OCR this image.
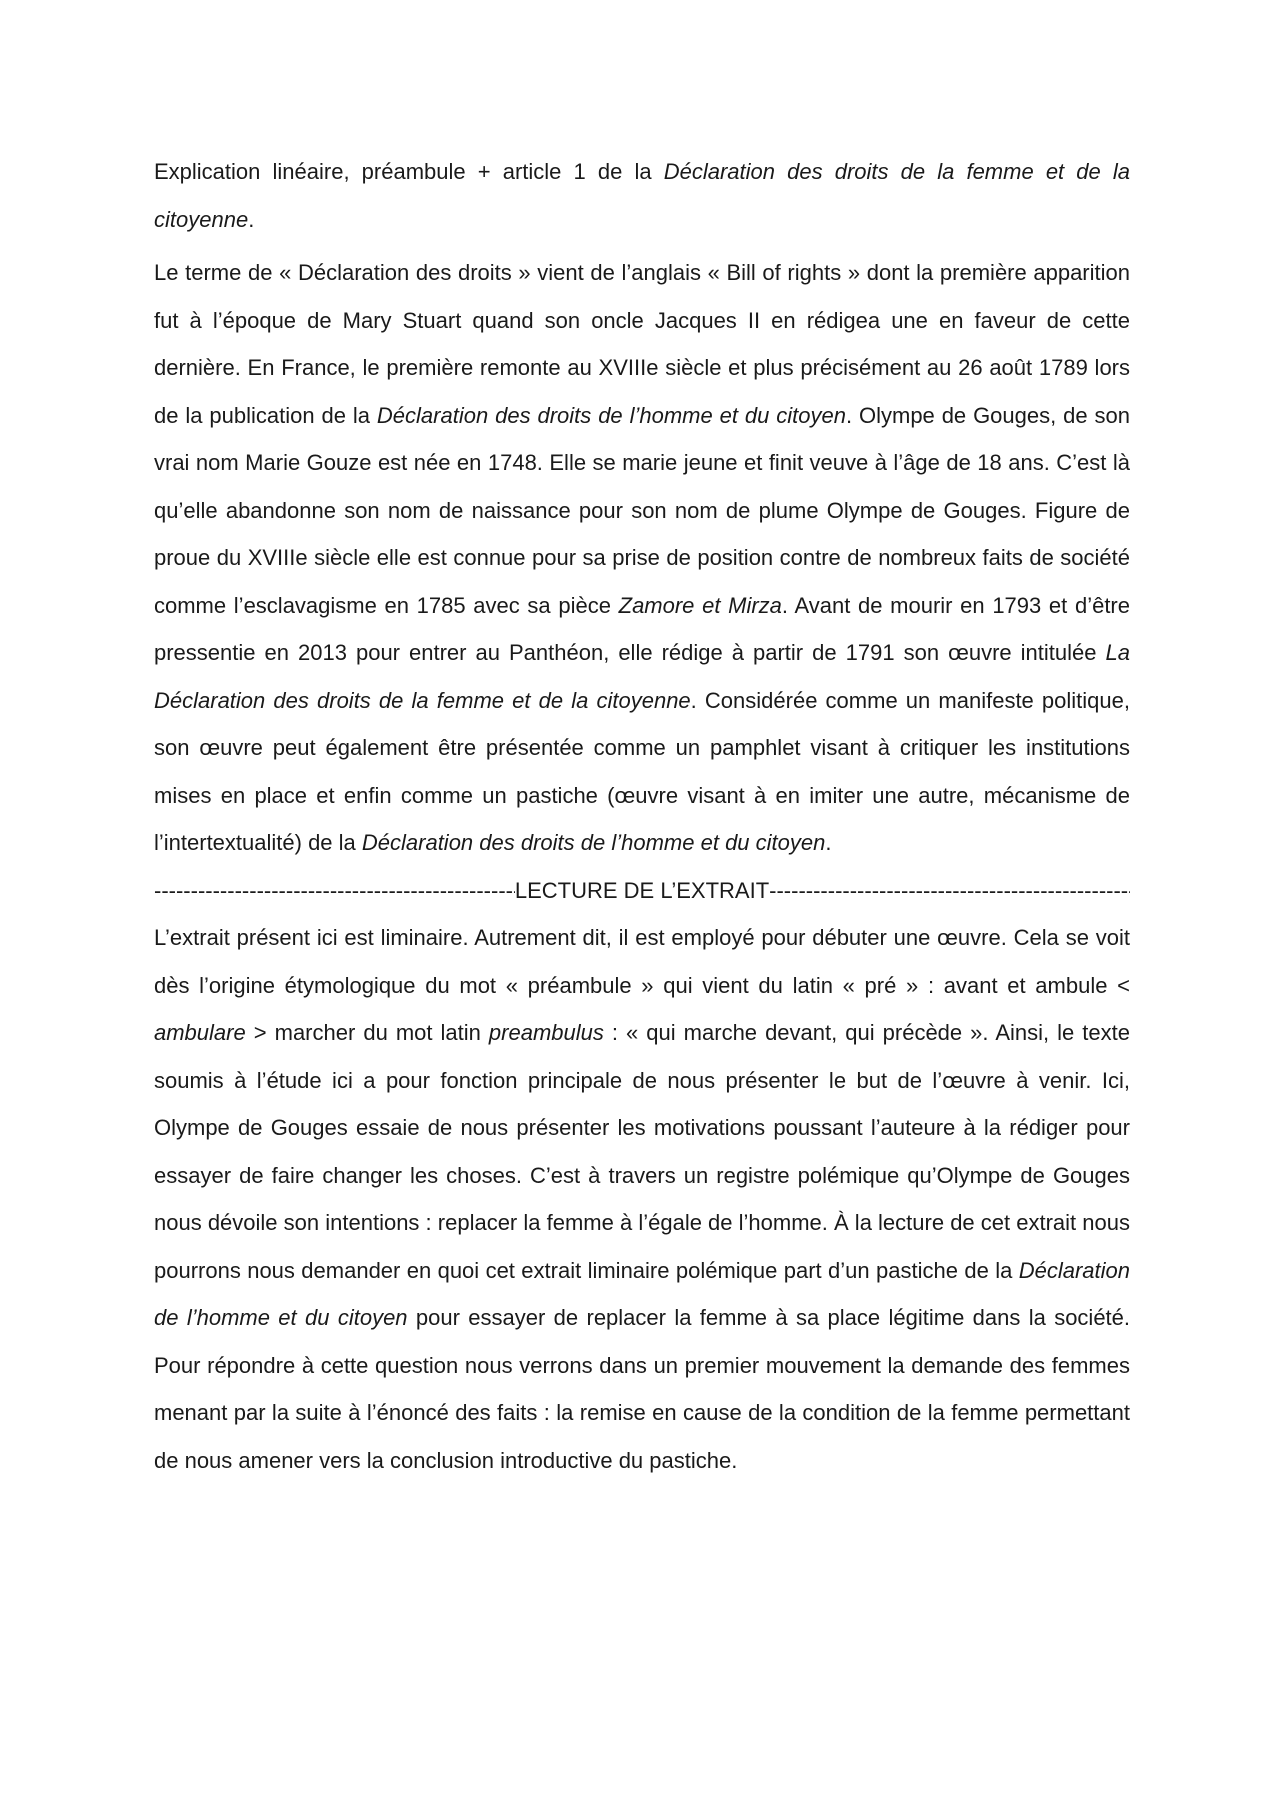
Explication linéaire, préambule + article 1 de la Déclaration des droits de la femme et de la citoyenne.

Le terme de « Déclaration des droits » vient de l’anglais « Bill of rights » dont la première apparition fut à l’époque de Mary Stuart quand son oncle Jacques II en rédigea une en faveur de cette dernière. En France, le première remonte au XVIIIe siècle et plus précisément au 26 août 1789 lors de la publication de la Déclaration des droits de l’homme et du citoyen. Olympe de Gouges, de son vrai nom Marie Gouze est née en 1748. Elle se marie jeune et finit veuve à l’âge de 18 ans. C’est là qu’elle abandonne son nom de naissance pour son nom de plume Olympe de Gouges. Figure de proue du XVIIIe siècle elle est connue pour sa prise de position contre de nombreux faits de société comme l’esclavagisme en 1785 avec sa pièce Zamore et Mirza. Avant de mourir en 1793 et d’être pressentie en 2013 pour entrer au Panthéon, elle rédige à partir de 1791 son œuvre intitulée La Déclaration des droits de la femme et de la citoyenne. Considérée comme un manifeste politique, son œuvre peut également être présentée comme un pamphlet visant à critiquer les institutions mises en place et enfin comme un pastiche (œuvre visant à en imiter une autre, mécanisme de l’intertextualité) de la Déclaration des droits de l’homme et du citoyen.

-----
LECTURE DE L’EXTRAIT
-----

L’extrait présent ici est liminaire. Autrement dit, il est employé pour débuter une œuvre. Cela se voit dès l’origine étymologique du mot « préambule » qui vient du latin « pré » : avant et ambule < ambulare > marcher du mot latin preambulus : « qui marche devant, qui précède ». Ainsi, le texte soumis à l’étude ici a pour fonction principale de nous présenter le but de l’œuvre à venir. Ici, Olympe de Gouges essaie de nous présenter les motivations poussant l’auteure à la rédiger pour essayer de faire changer les choses. C’est à travers un registre polémique qu’Olympe de Gouges nous dévoile son intentions : replacer la femme à l’égale de l’homme. À la lecture de cet extrait nous pourrons nous demander en quoi cet extrait liminaire polémique part d’un pastiche de la Déclaration de l’homme et du citoyen pour essayer de replacer la femme à sa place légitime dans la société. Pour répondre à cette question nous verrons dans un premier mouvement la demande des femmes menant par la suite à l’énoncé des faits : la remise en cause de la condition de la femme permettant de nous amener vers la conclusion introductive du pastiche.
